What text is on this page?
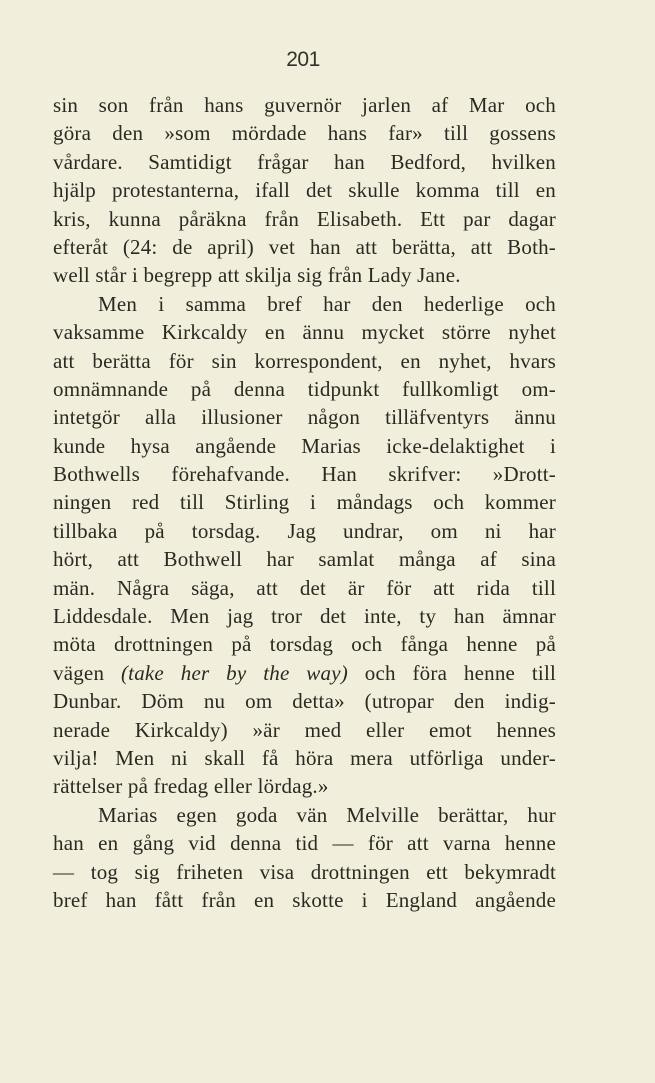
201
sin son från hans guvernör jarlen af Mar och
göra den »som mördade hans far» till gossens
vårdare. Samtidigt frågar han Bedford, hvilken
hjälp protestanterna, ifall det skulle komma till en
kris, kunna påräkna från Elisabeth. Ett par dagar
efteråt (24: de april) vet han att berätta, att Both-
well står i begrepp att skilja sig från Lady Jane.
Men i samma bref har den hederlige och
vaksamme Kirkcaldy en ännu mycket större nyhet
att berätta för sin korrespondent, en nyhet, hvars
omnämnande på denna tidpunkt fullkomligt om-
intetgör alla illusioner någon tilläfventyrs ännu
kunde hysa angående Marias icke-delaktighet i
Bothwells förehafvande. Han skrifver: »Drott-
ningen red till Stirling i måndags och kommer
tillbaka på torsdag. Jag undrar, om ni har
hört, att Bothwell har samlat många af sina
män. Några säga, att det är för att rida till
Liddesdale. Men jag tror det inte, ty han ämnar
möta drottningen på torsdag och fånga henne på
vägen (take her by the way) och föra henne till
Dunbar. Döm nu om detta» (utropar den indig-
nerade Kirkcaldy) »är med eller emot hennes
vilja! Men ni skall få höra mera utförliga under-
rättelser på fredag eller lördag.»
Marias egen goda vän Melville berättar, hur
han en gång vid denna tid — för att varna henne
— tog sig friheten visa drottningen ett bekymradt
bref han fått från en skotte i England angående
